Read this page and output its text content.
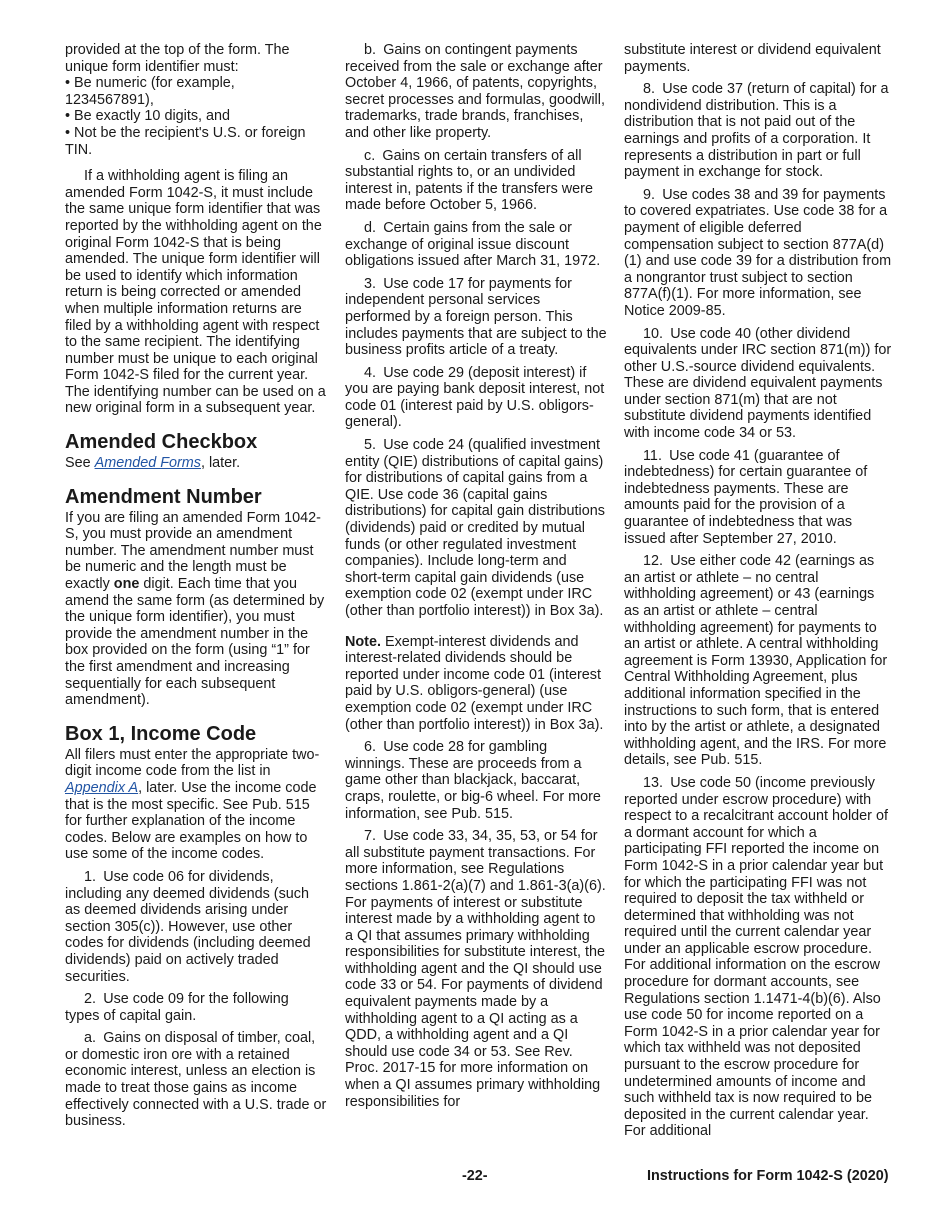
provided at the top of the form. The unique form identifier must:

• Be numeric (for example, 1234567891),
• Be exactly 10 digits, and
• Not be the recipient's U.S. or foreign TIN.

If a withholding agent is filing an amended Form 1042-S, it must include the same unique form identifier that was reported by the withholding agent on the original Form 1042-S that is being amended. The unique form identifier will be used to identify which information return is being corrected or amended when multiple information returns are filed by a withholding agent with respect to the same recipient. The identifying number must be unique to each original Form 1042-S filed for the current year. The identifying number can be used on a new original form in a subsequent year.

Amended Checkbox

See Amended Forms, later.

Amendment Number

If you are filing an amended Form 1042-S, you must provide an amendment number. The amendment number must be numeric and the length must be exactly one digit. Each time that you amend the same form (as determined by the unique form identifier), you must provide the amendment number in the box provided on the form (using “1” for the first amendment and increasing sequentially for each subsequent amendment).

Box 1, Income Code

All filers must enter the appropriate two-digit income code from the list in Appendix A, later. Use the income code that is the most specific. See Pub. 515 for further explanation of the income codes. Below are examples on how to use some of the income codes.

1. Use code 06 for dividends, including any deemed dividends (such as deemed dividends arising under section 305(c)). However, use other codes for dividends (including deemed dividends) paid on actively traded securities.

2. Use code 09 for the following types of capital gain.

a. Gains on disposal of timber, coal, or domestic iron ore with a retained economic interest, unless an election is made to treat those gains as income effectively connected with a U.S. trade or business.

b. Gains on contingent payments received from the sale or exchange after October 4, 1966, of patents, copyrights, secret processes and formulas, goodwill, trademarks, trade brands, franchises, and other like property.

c. Gains on certain transfers of all substantial rights to, or an undivided interest in, patents if the transfers were made before October 5, 1966.

d. Certain gains from the sale or exchange of original issue discount obligations issued after March 31, 1972.

3. Use code 17 for payments for independent personal services performed by a foreign person. This includes payments that are subject to the business profits article of a treaty.

4. Use code 29 (deposit interest) if you are paying bank deposit interest, not code 01 (interest paid by U.S. obligors-general).

5. Use code 24 (qualified investment entity (QIE) distributions of capital gains) for distributions of capital gains from a QIE. Use code 36 (capital gains distributions) for capital gain distributions (dividends) paid or credited by mutual funds (or other regulated investment companies). Include long-term and short-term capital gain dividends (use exemption code 02 (exempt under IRC (other than portfolio interest)) in Box 3a).

Note. Exempt-interest dividends and interest-related dividends should be reported under income code 01 (interest paid by U.S. obligors-general) (use exemption code 02 (exempt under IRC (other than portfolio interest)) in Box 3a).

6. Use code 28 for gambling winnings. These are proceeds from a game other than blackjack, baccarat, craps, roulette, or big-6 wheel. For more information, see Pub. 515.

7. Use code 33, 34, 35, 53, or 54 for all substitute payment transactions. For more information, see Regulations sections 1.861-2(a)(7) and 1.861-3(a)(6). For payments of interest or substitute interest made by a withholding agent to a QI that assumes primary withholding responsibilities for substitute interest, the withholding agent and the QI should use code 33 or 54. For payments of dividend equivalent payments made by a withholding agent to a QI acting as a QDD, a withholding agent and a QI should use code 34 or 53. See Rev. Proc. 2017-15 for more information on when a QI assumes primary withholding responsibilities for

substitute interest or dividend equivalent payments.

8. Use code 37 (return of capital) for a nondividend distribution. This is a distribution that is not paid out of the earnings and profits of a corporation. It represents a distribution in part or full payment in exchange for stock.

9. Use codes 38 and 39 for payments to covered expatriates. Use code 38 for a payment of eligible deferred compensation subject to section 877A(d)(1) and use code 39 for a distribution from a nongrantor trust subject to section 877A(f)(1). For more information, see Notice 2009-85.

10. Use code 40 (other dividend equivalents under IRC section 871(m)) for other U.S.-source dividend equivalents. These are dividend equivalent payments under section 871(m) that are not substitute dividend payments identified with income code 34 or 53.

11. Use code 41 (guarantee of indebtedness) for certain guarantee of indebtedness payments. These are amounts paid for the provision of a guarantee of indebtedness that was issued after September 27, 2010.

12. Use either code 42 (earnings as an artist or athlete – no central withholding agreement) or 43 (earnings as an artist or athlete – central withholding agreement) for payments to an artist or athlete. A central withholding agreement is Form 13930, Application for Central Withholding Agreement, plus additional information specified in the instructions to such form, that is entered into by the artist or athlete, a designated withholding agent, and the IRS. For more details, see Pub. 515.

13. Use code 50 (income previously reported under escrow procedure) with respect to a recalcitrant account holder of a dormant account for which a participating FFI reported the income on Form 1042-S in a prior calendar year but for which the participating FFI was not required to deposit the tax withheld or determined that withholding was not required until the current calendar year under an applicable escrow procedure. For additional information on the escrow procedure for dormant accounts, see Regulations section 1.1471-4(b)(6). Also use code 50 for income reported on a Form 1042-S in a prior calendar year for which tax withheld was not deposited pursuant to the escrow procedure for undetermined amounts of income and such withheld tax is now required to be deposited in the current calendar year. For additional

-22-	Instructions for Form 1042-S (2020)
